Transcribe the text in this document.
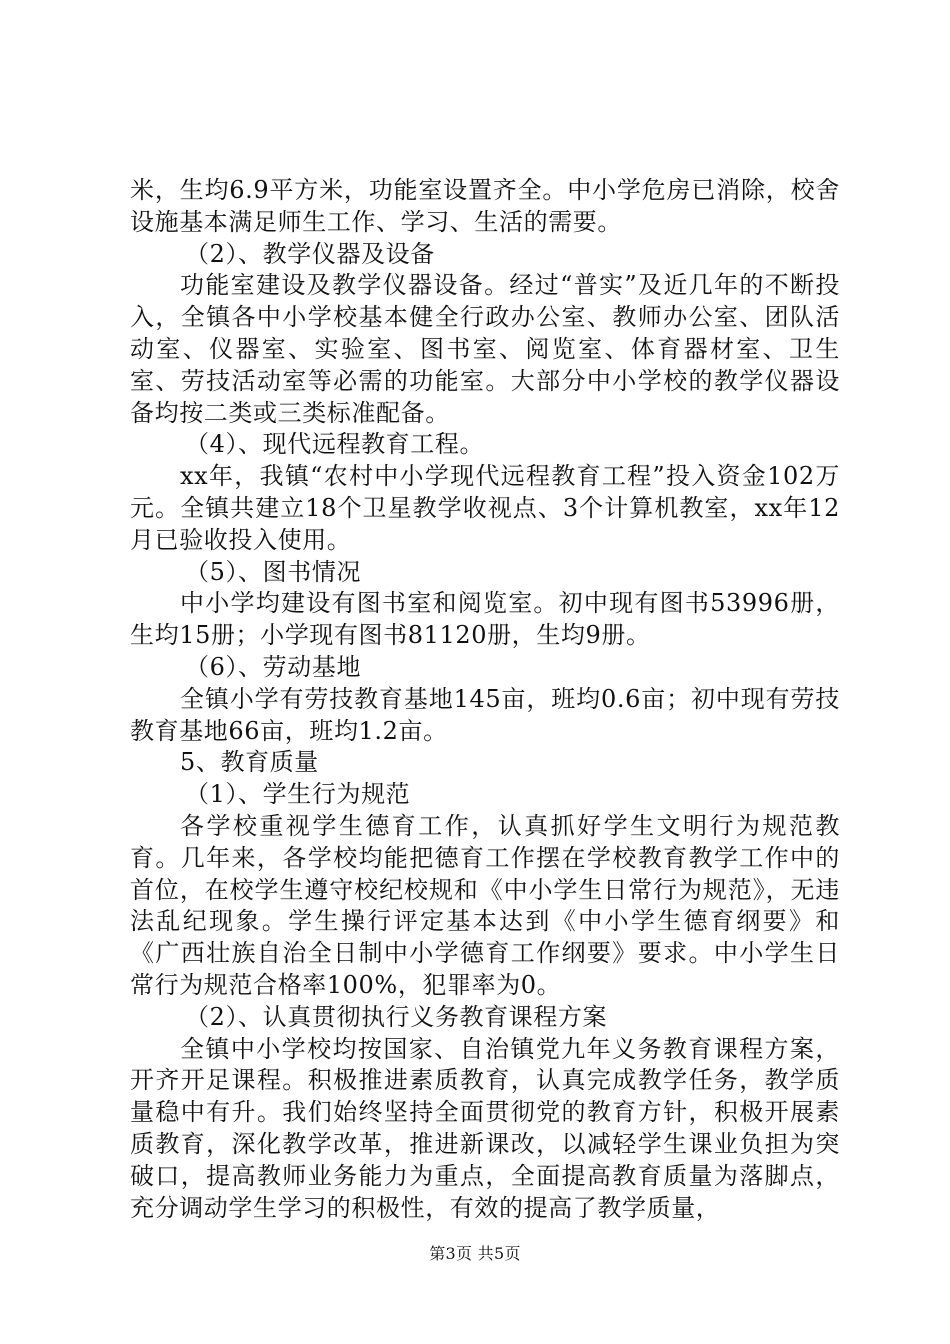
米，生均6.9平方米，功能室设置齐全。中小学危房已消除，校舍设施基本满足师生工作、学习、生活的需要。

（2）、教学仪器及设备

功能室建设及教学仪器设备。经过“普实”及近几年的不断投入，全镇各中小学校基本健全行政办公室、教师办公室、团队活动室、仪器室、实验室、图书室、阅览室、体育器材室、卫生室、劳技活动室等必需的功能室。大部分中小学校的教学仪器设备均按二类或三类标准配备。

（4）、现代远程教育工程。

xx年，我镇“农村中小学现代远程教育工程”投入资金102万元。全镇共建立18个卫星教学收视点、3个计算机教室，xx年12月已验收投入使用。

（5）、图书情况

中小学均建设有图书室和阅览室。初中现有图书53996册，生均15册；小学现有图书81120册，生均9册。

（6）、劳动基地

全镇小学有劳技教育基地145亩，班均0.6亩；初中现有劳技教育基地66亩，班均1.2亩。

5、教育质量

（1）、学生行为规范

各学校重视学生德育工作，认真抓好学生文明行为规范教育。几年来，各学校均能把德育工作摆在学校教育教学工作中的首位，在校学生遵守校纪校规和《中小学生日常行为规范》，无违法乱纪现象。学生操行评定基本达到《中小学生德育纲要》和《广西壮族自治全日制中小学德育工作纲要》要求。中小学生日常行为规范合格率100%，犯罪率为0。

（2）、认真贯彻执行义务教育课程方案

全镇中小学校均按国家、自治镇党九年义务教育课程方案，开齐开足课程。积极推进素质教育，认真完成教学任务，教学质量稳中有升。我们始终坚持全面贯彻党的教育方针，积极开展素质教育，深化教学改革，推进新课改，以减轻学生课业负担为突破口，提高教师业务能力为重点，全面提高教育质量为落脚点，充分调动学生学习的积极性，有效的提高了教学质量，

第3页 共5页
